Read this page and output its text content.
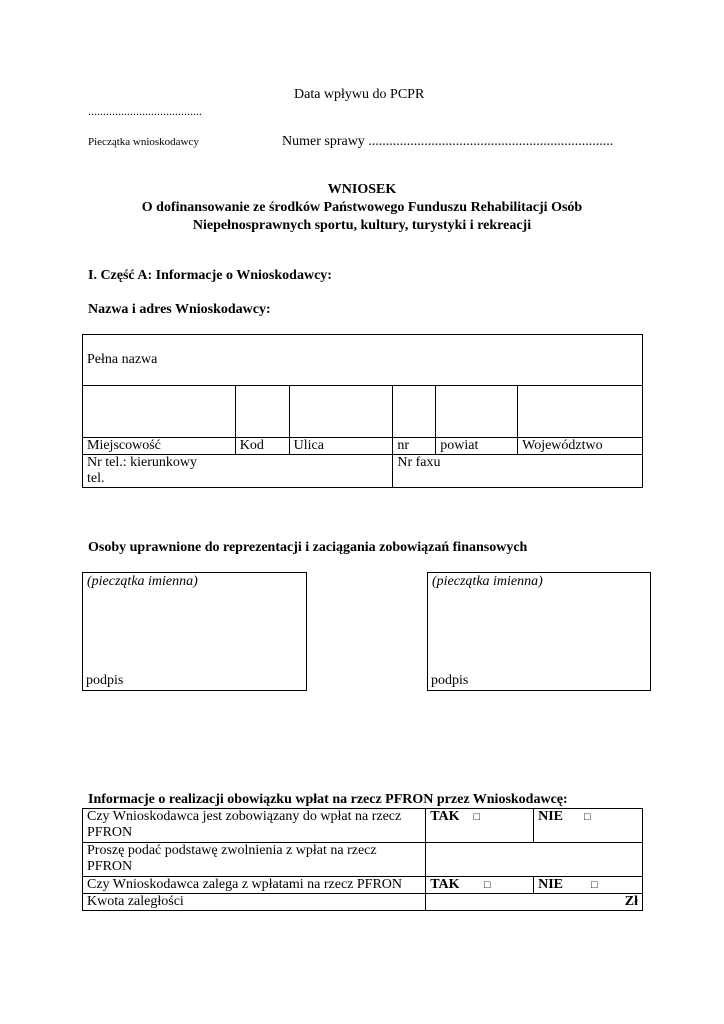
Data wpływu do PCPR
......................................
Pieczątka wnioskodawcy	Numer sprawy ......................................................................
WNIOSEK
O dofinansowanie ze środków Państwowego Funduszu Rehabilitacji Osób
Niepełnosprawnych sportu, kultury, turystyki i rekreacji
I. Część A: Informacje o Wnioskodawcy:
Nazwa i adres Wnioskodawcy:
Pełna nazwa					

Miejscowość	Kod	Ulica	nr	powiat	Województwo

Nr tel.: kierunkowy
tel.			Nr faxu		
Osoby uprawnione do reprezentacji i zaciągania zobowiązań finansowych
(pieczątka imienna)
podpis
(pieczątka imienna)
podpis
Informacje o realizacji obowiązku wpłat na rzecz PFRON przez Wnioskodawcę:
Czy Wnioskodawca jest zobowiązany do wpłat na rzecz
PFRON	TAK □	NIE □

Proszę podać podstawę zwolnienia z wpłat na rzecz
PFRON		

Czy Wnioskodawca zalega z wpłatami na rzecz PFRON	TAK □	NIE □
Kwota zaległości	Zł	
